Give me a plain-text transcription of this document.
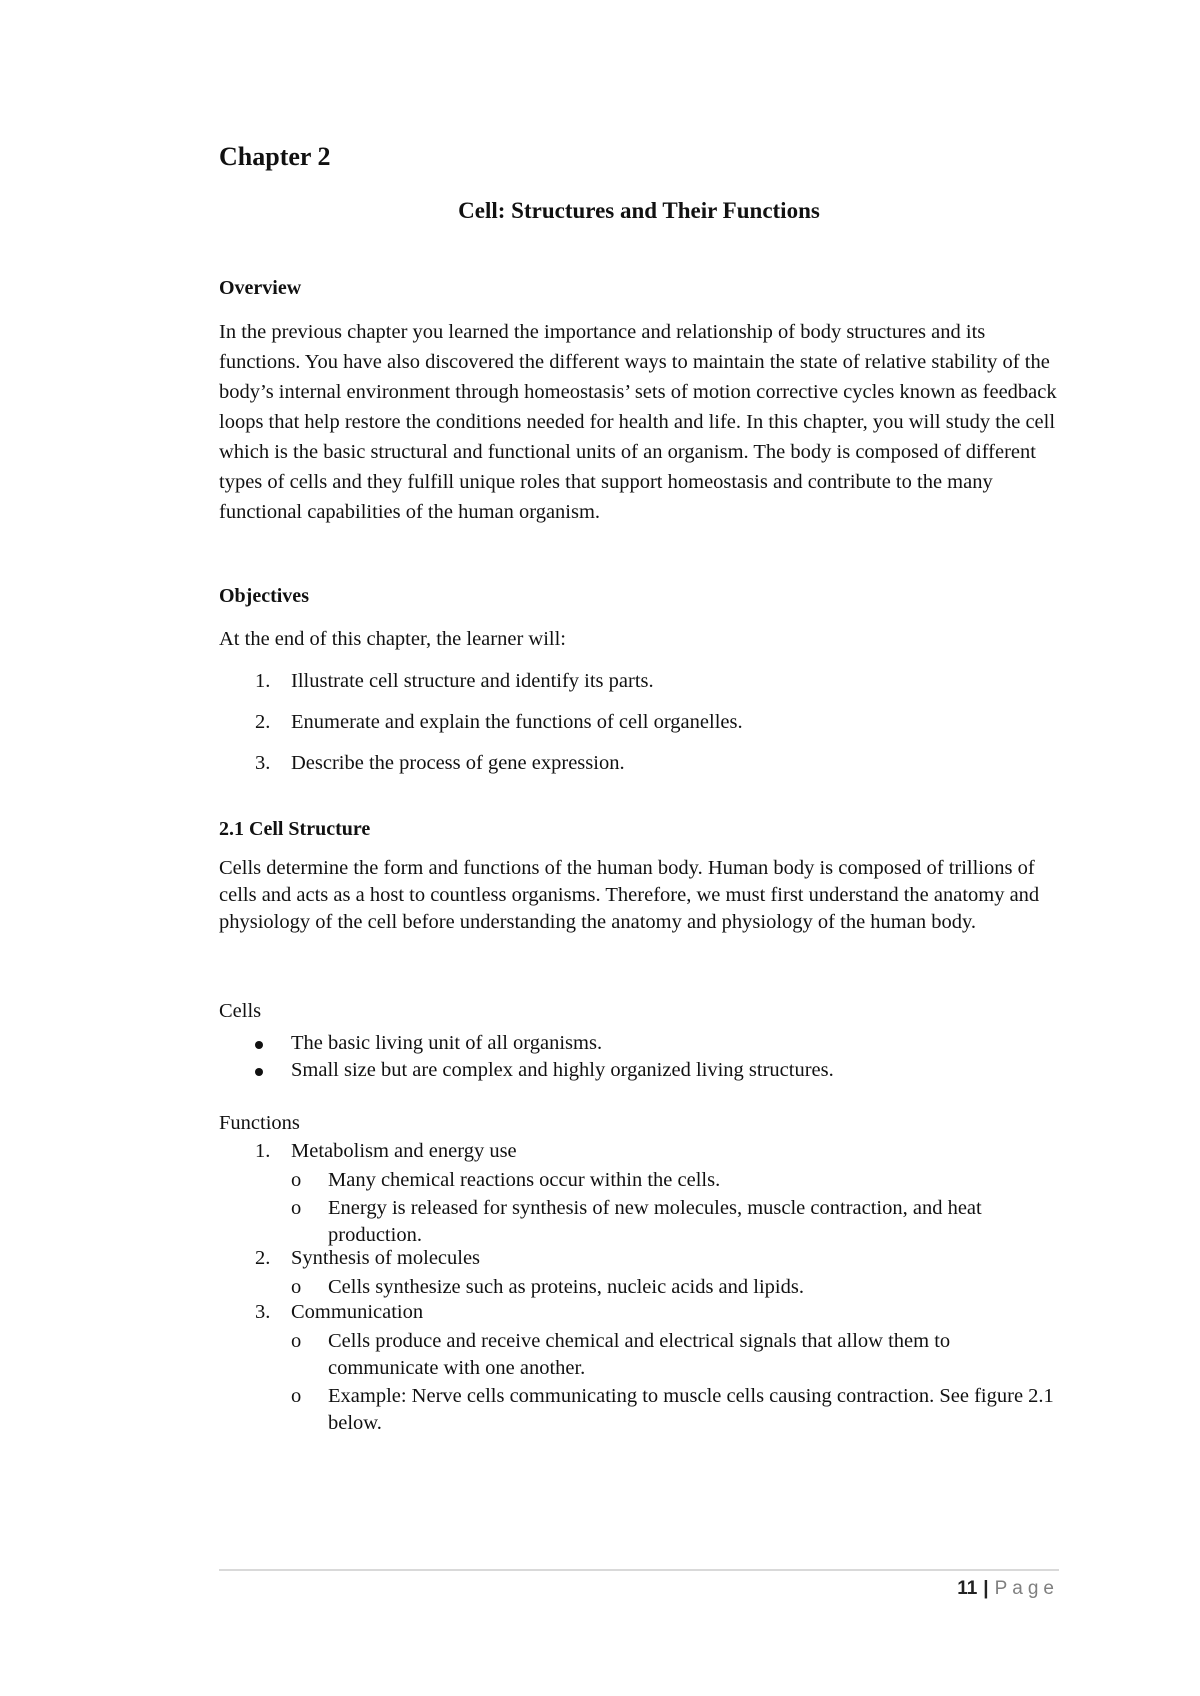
Chapter 2
Cell: Structures and Their Functions
Overview

In the previous chapter you learned the importance and relationship of body structures and its functions. You have also discovered the different ways to maintain the state of relative stability of the body’s internal environment through homeostasis’ sets of motion corrective cycles known as feedback loops that help restore the conditions needed for health and life. In this chapter, you will study the cell which is the basic structural and functional units of an organism. The body is composed of different types of cells and they fulfill unique roles that support homeostasis and contribute to the many functional capabilities of the human organism.

Objectives
At the end of this chapter, the learner will:
1. Illustrate cell structure and identify its parts.
2. Enumerate and explain the functions of cell organelles.
3. Describe the process of gene expression.
2.1 Cell Structure

Cells determine the form and functions of the human body. Human body is composed of trillions of cells and acts as a host to countless organisms. Therefore, we must first understand the anatomy and physiology of the cell before understanding the anatomy and physiology of the human body.

Cells
The basic living unit of all organisms.
Small size but are complex and highly organized living structures.
Functions
1. Metabolism and energy use
o Many chemical reactions occur within the cells.
o Energy is released for synthesis of new molecules, muscle contraction, and heat production.
2. Synthesis of molecules
o Cells synthesize such as proteins, nucleic acids and lipids.
3. Communication
o Cells produce and receive chemical and electrical signals that allow them to communicate with one another.
o Example: Nerve cells communicating to muscle cells causing contraction. See figure 2.1 below.
11 | Page
